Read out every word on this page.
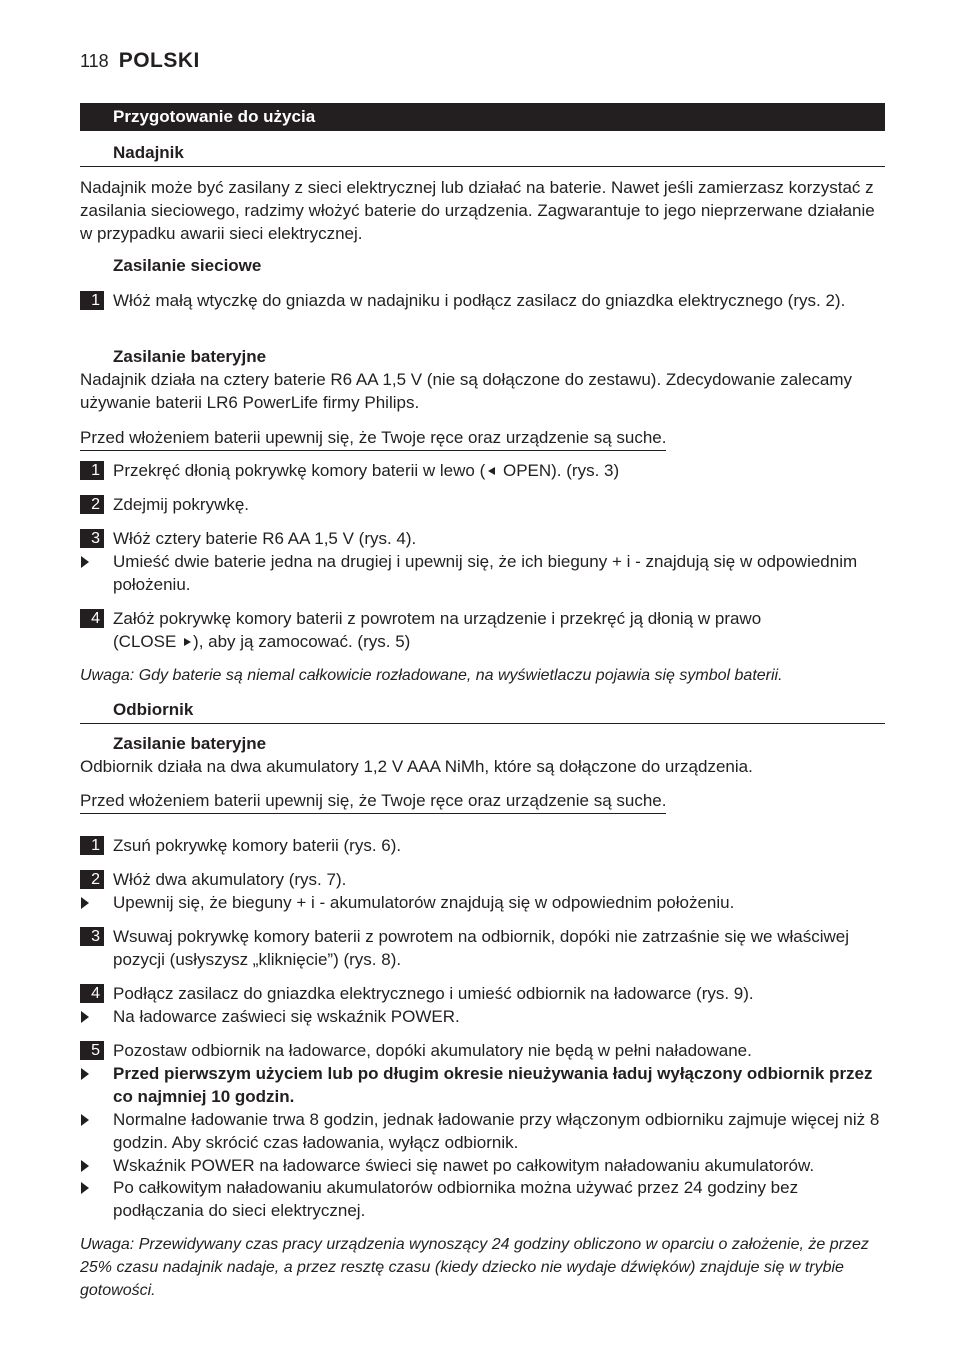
118 POLSKI
Przygotowanie do użycia
Nadajnik
Nadajnik może być zasilany z sieci elektrycznej lub działać na baterie. Nawet jeśli zamierzasz korzystać z zasilania sieciowego, radzimy włożyć baterie do urządzenia. Zagwarantuje to jego nieprzerwane działanie w przypadku awarii sieci elektrycznej.
Zasilanie sieciowe
1 Włóż małą wtyczkę do gniazda w nadajniku i podłącz zasilacz do gniazdka elektrycznego (rys. 2).
Zasilanie bateryjne
Nadajnik działa na cztery baterie R6 AA 1,5 V (nie są dołączone do zestawu). Zdecydowanie zalecamy używanie baterii LR6 PowerLife firmy Philips.
Przed włożeniem baterii upewnij się, że Twoje ręce oraz urządzenie są suche.
1 Przekręć dłonią pokrywkę komory baterii w lewo ( OPEN). (rys. 3)
2 Zdejmij pokrywkę.
3 Włóż cztery baterie R6 AA 1,5 V (rys. 4).
Umieść dwie baterie jedna na drugiej i upewnij się, że ich bieguny + i - znajdują się w odpowiednim położeniu.
4 Załóż pokrywkę komory baterii z powrotem na urządzenie i przekręć ją dłonią w prawo
(CLOSE ), aby ją zamocować. (rys. 5)
Uwaga: Gdy baterie są niemal całkowicie rozładowane, na wyświetlaczu pojawia się symbol baterii.
Odbiornik
Zasilanie bateryjne
Odbiornik działa na dwa akumulatory 1,2 V AAA NiMh, które są dołączone do urządzenia.
Przed włożeniem baterii upewnij się, że Twoje ręce oraz urządzenie są suche.
1 Zsuń pokrywkę komory baterii (rys. 6).
2 Włóż dwa akumulatory (rys. 7).
Upewnij się, że bieguny + i - akumulatorów znajdują się w odpowiednim położeniu.
3 Wsuwaj pokrywkę komory baterii z powrotem na odbiornik, dopóki nie zatrzaśnie się we właściwej pozycji (usłyszysz „kliknięcie”) (rys. 8).
4 Podłącz zasilacz do gniazdka elektrycznego i umieść odbiornik na ładowarce (rys. 9).
Na ładowarce zaświeci się wskaźnik POWER.
5 Pozostaw odbiornik na ładowarce, dopóki akumulatory nie będą w pełni naładowane.
Przed pierwszym użyciem lub po długim okresie nieużywania ładuj wyłączony odbiornik przez co najmniej 10 godzin.
Normalne ładowanie trwa 8 godzin, jednak ładowanie przy włączonym odbiorniku zajmuje więcej niż 8 godzin. Aby skrócić czas ładowania, wyłącz odbiornik.
Wskaźnik POWER na ładowarce świeci się nawet po całkowitym naładowaniu akumulatorów.
Po całkowitym naładowaniu akumulatorów odbiornika można używać przez 24 godziny bez podłączania do sieci elektrycznej.
Uwaga: Przewidywany czas pracy urządzenia wynoszący 24 godziny obliczono w oparciu o założenie, że przez 25% czasu nadajnik nadaje, a przez resztę czasu (kiedy dziecko nie wydaje dźwięków) znajduje się w trybie gotowości.
